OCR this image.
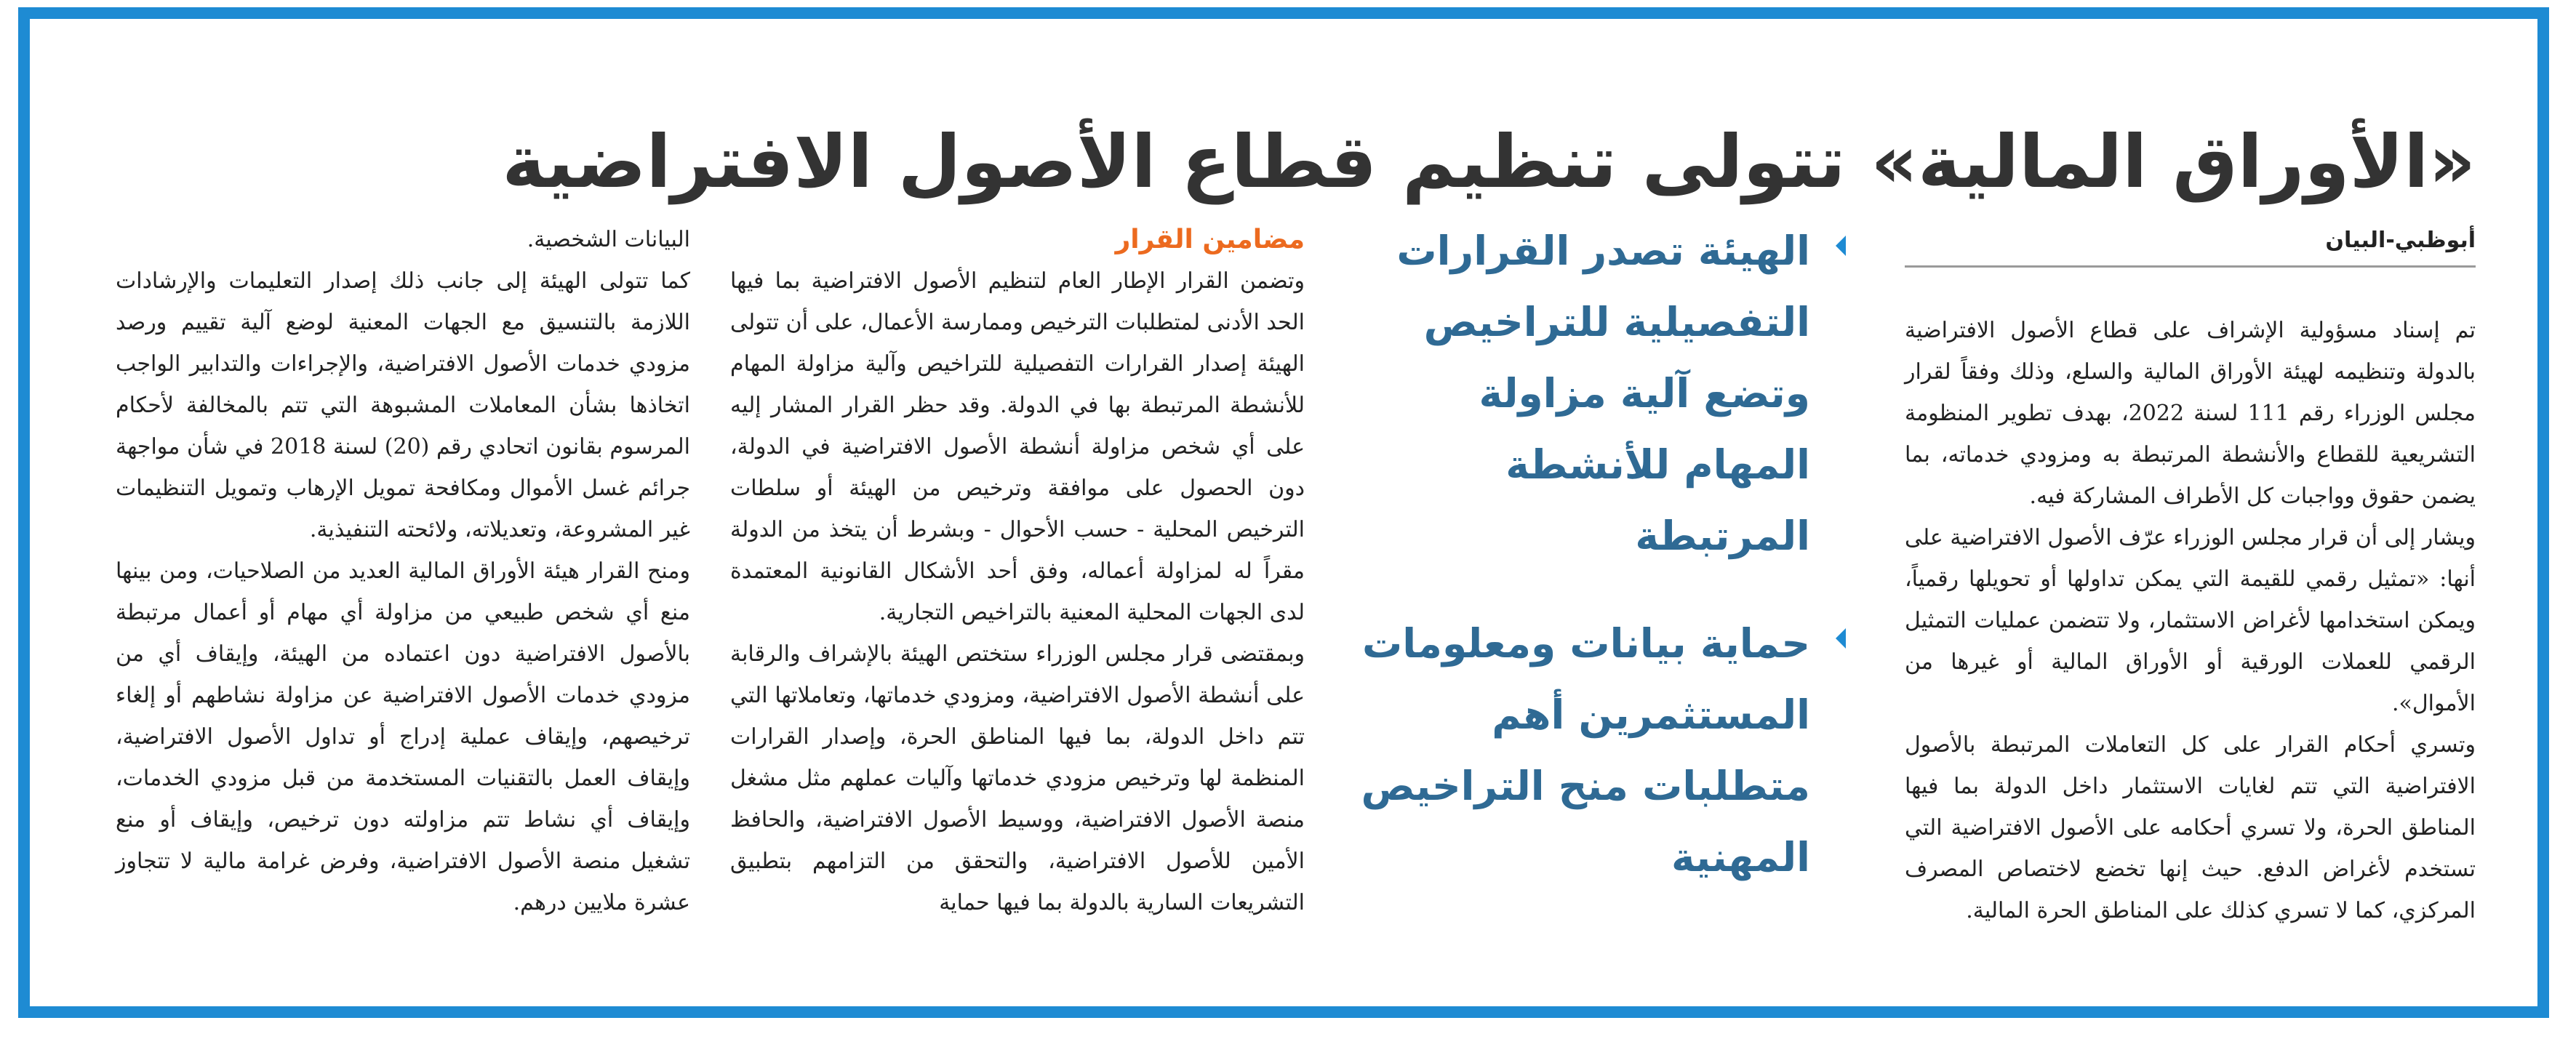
«الأوراق المالية» تتولى تنظيم قطاع الأصول الافتراضية
أبوظبي-البيان

تم إسناد مسؤولية الإشراف على قطاع الأصول الافتراضية بالدولة وتنظيمه لهيئة الأوراق المالية والسلع، وذلك وفقاً لقرار مجلس الوزراء رقم 111 لسنة 2022، بهدف تطوير المنظومة التشريعية للقطاع والأنشطة المرتبطة به ومزودي خدماته، بما يضمن حقوق وواجبات كل الأطراف المشاركة فيه.

ويشار إلى أن قرار مجلس الوزراء عرّف الأصول الافتراضية على أنها: «تمثيل رقمي للقيمة التي يمكن تداولها أو تحويلها رقمياً، ويمكن استخدامها لأغراض الاستثمار، ولا تتضمن عمليات التمثيل الرقمي للعملات الورقية أو الأوراق المالية أو غيرها من الأموال».

وتسري أحكام القرار على كل التعاملات المرتبطة بالأصول الافتراضية التي تتم لغايات الاستثمار داخل الدولة بما فيها المناطق الحرة، ولا تسري أحكامه على الأصول الافتراضية التي تستخدم لأغراض الدفع. حيث إنها تخضع لاختصاص المصرف المركزي، كما لا تسري كذلك على المناطق الحرة المالية.

الهيئة تصدر القرارات التفصيلية للتراخيص وتضع آلية مزاولة المهام للأنشطة المرتبطة
حماية بيانات ومعلومات المستثمرين أهم متطلبات منح التراخيص المهنية
مضامين القرار

وتضمن القرار الإطار العام لتنظيم الأصول الافتراضية بما فيها الحد الأدنى لمتطلبات الترخيص وممارسة الأعمال، على أن تتولى الهيئة إصدار القرارات التفصيلية للتراخيص وآلية مزاولة المهام للأنشطة المرتبطة بها في الدولة. وقد حظر القرار المشار إليه على أي شخص مزاولة أنشطة الأصول الافتراضية في الدولة، دون الحصول على موافقة وترخيص من الهيئة أو سلطات الترخيص المحلية - حسب الأحوال - وبشرط أن يتخذ من الدولة مقراً له لمزاولة أعماله، وفق أحد الأشكال القانونية المعتمدة لدى الجهات المحلية المعنية بالتراخيص التجارية.

وبمقتضى قرار مجلس الوزراء ستختص الهيئة بالإشراف والرقابة على أنشطة الأصول الافتراضية، ومزودي خدماتها، وتعاملاتها التي تتم داخل الدولة، بما فيها المناطق الحرة، وإصدار القرارات المنظمة لها وترخيص مزودي خدماتها وآليات عملهم مثل مشغل منصة الأصول الافتراضية، ووسيط الأصول الافتراضية، والحافظ الأمين للأصول الافتراضية، والتحقق من التزامهم بتطبيق التشريعات السارية بالدولة بما فيها حماية

البيانات الشخصية.

كما تتولى الهيئة إلى جانب ذلك إصدار التعليمات والإرشادات اللازمة بالتنسيق مع الجهات المعنية لوضع آلية تقييم ورصد مزودي خدمات الأصول الافتراضية، والإجراءات والتدابير الواجب اتخاذها بشأن المعاملات المشبوهة التي تتم بالمخالفة لأحكام المرسوم بقانون اتحادي رقم (20) لسنة 2018 في شأن مواجهة جرائم غسل الأموال ومكافحة تمويل الإرهاب وتمويل التنظيمات غير المشروعة، وتعديلاته، ولائحته التنفيذية.

ومنح القرار هيئة الأوراق المالية العديد من الصلاحيات، ومن بينها منع أي شخص طبيعي من مزاولة أي مهام أو أعمال مرتبطة بالأصول الافتراضية دون اعتماده من الهيئة، وإيقاف أي من مزودي خدمات الأصول الافتراضية عن مزاولة نشاطهم أو إلغاء ترخيصهم، وإيقاف عملية إدراج أو تداول الأصول الافتراضية، وإيقاف العمل بالتقنيات المستخدمة من قبل مزودي الخدمات، وإيقاف أي نشاط تتم مزاولته دون ترخيص، وإيقاف أو منع تشغيل منصة الأصول الافتراضية، وفرض غرامة مالية لا تتجاوز عشرة ملايين درهم.
